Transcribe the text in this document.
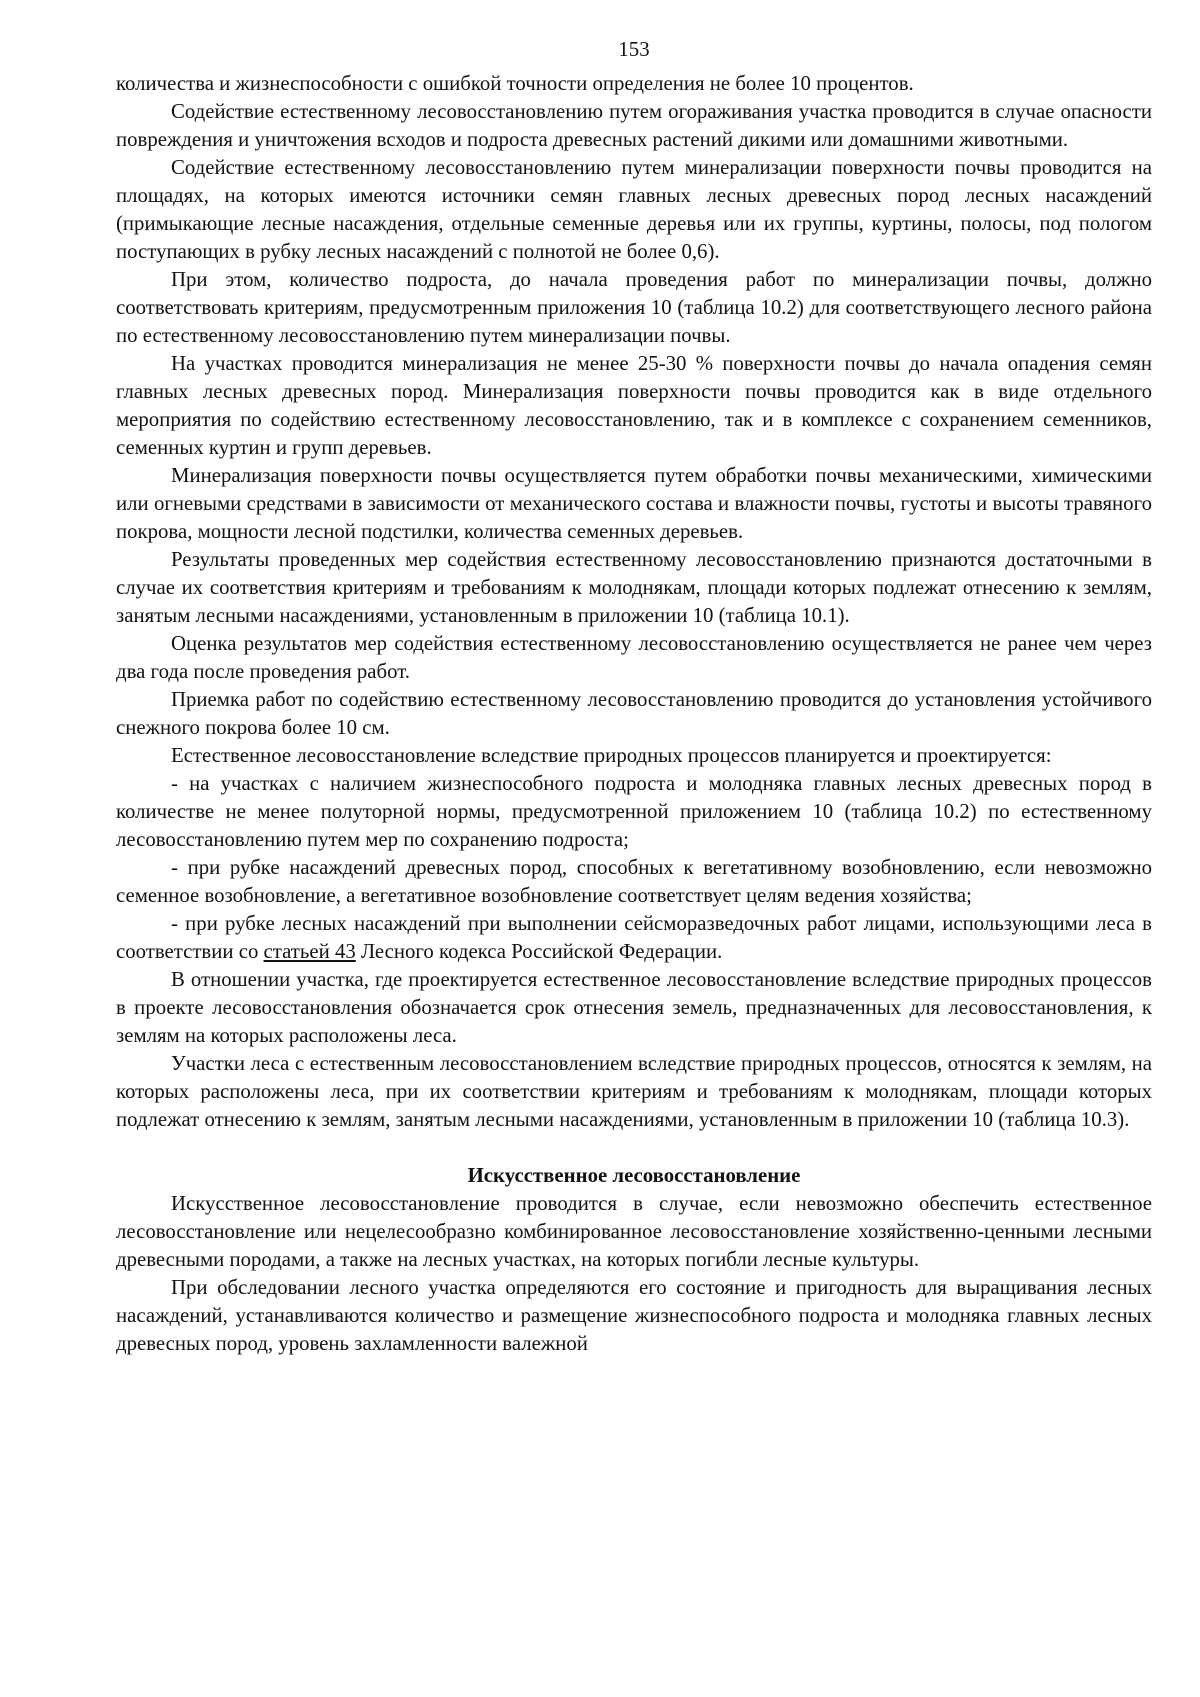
153

количества и жизнеспособности с ошибкой точности определения не более 10 процентов.

Содействие естественному лесовосстановлению путем огораживания участка проводится в случае опасности повреждения и уничтожения всходов и подроста древесных растений дикими или домашними животными.

Содействие естественному лесовосстановлению путем минерализации поверхности почвы проводится на площадях, на которых имеются источники семян главных лесных древесных пород лесных насаждений (примыкающие лесные насаждения, отдельные семенные деревья или их группы, куртины, полосы, под пологом поступающих в рубку лесных насаждений с полнотой не более 0,6).

При этом, количество подроста, до начала проведения работ по минерализации почвы, должно соответствовать критериям, предусмотренным приложения 10 (таблица 10.2) для соответствующего лесного района по естественному лесовосстановлению путем минерализации почвы.

На участках проводится минерализация не менее 25-30 % поверхности почвы до начала опадения семян главных лесных древесных пород. Минерализация поверхности почвы проводится как в виде отдельного мероприятия по содействию естественному лесовосстановлению, так и в комплексе с сохранением семенников, семенных куртин и групп деревьев.

Минерализация поверхности почвы осуществляется путем обработки почвы механическими, химическими или огневыми средствами в зависимости от механического состава и влажности почвы, густоты и высоты травяного покрова, мощности лесной подстилки, количества семенных деревьев.

Результаты проведенных мер содействия естественному лесовосстановлению признаются достаточными в случае их соответствия критериям и требованиям к молоднякам, площади которых подлежат отнесению к землям, занятым лесными насаждениями, установленным в приложении 10 (таблица 10.1).

Оценка результатов мер содействия естественному лесовосстановлению осуществляется не ранее чем через два года после проведения работ.

Приемка работ по содействию естественному лесовосстановлению проводится до установления устойчивого снежного покрова более 10 см.

Естественное лесовосстановление вследствие природных процессов планируется и проектируется:

- на участках с наличием жизнеспособного подроста и молодняка главных лесных древесных пород в количестве не менее полуторной нормы, предусмотренной приложением 10 (таблица 10.2) по естественному лесовосстановлению путем мер по сохранению подроста;

- при рубке насаждений древесных пород, способных к вегетативному возобновлению, если невозможно семенное возобновление, а вегетативное возобновление соответствует целям ведения хозяйства;

- при рубке лесных насаждений при выполнении сейсморазведочных работ лицами, использующими леса в соответствии со статьей 43 Лесного кодекса Российской Федерации.

В отношении участка, где проектируется естественное лесовосстановление вследствие природных процессов в проекте лесовосстановления обозначается срок отнесения земель, предназначенных для лесовосстановления, к землям на которых расположены леса.

Участки леса с естественным лесовосстановлением вследствие природных процессов, относятся к землям, на которых расположены леса, при их соответствии критериям и требованиям к молоднякам, площади которых подлежат отнесению к землям, занятым лесными насаждениями, установленным в приложении 10 (таблица 10.3).

Искусственное лесовосстановление

Искусственное лесовосстановление проводится в случае, если невозможно обеспечить естественное лесовосстановление или нецелесообразно комбинированное лесовосстановление хозяйственно-ценными лесными древесными породами, а также на лесных участках, на которых погибли лесные культуры.

При обследовании лесного участка определяются его состояние и пригодность для выращивания лесных насаждений, устанавливаются количество и размещение жизнеспособного подроста и молодняка главных лесных древесных пород, уровень захламленности валежной
